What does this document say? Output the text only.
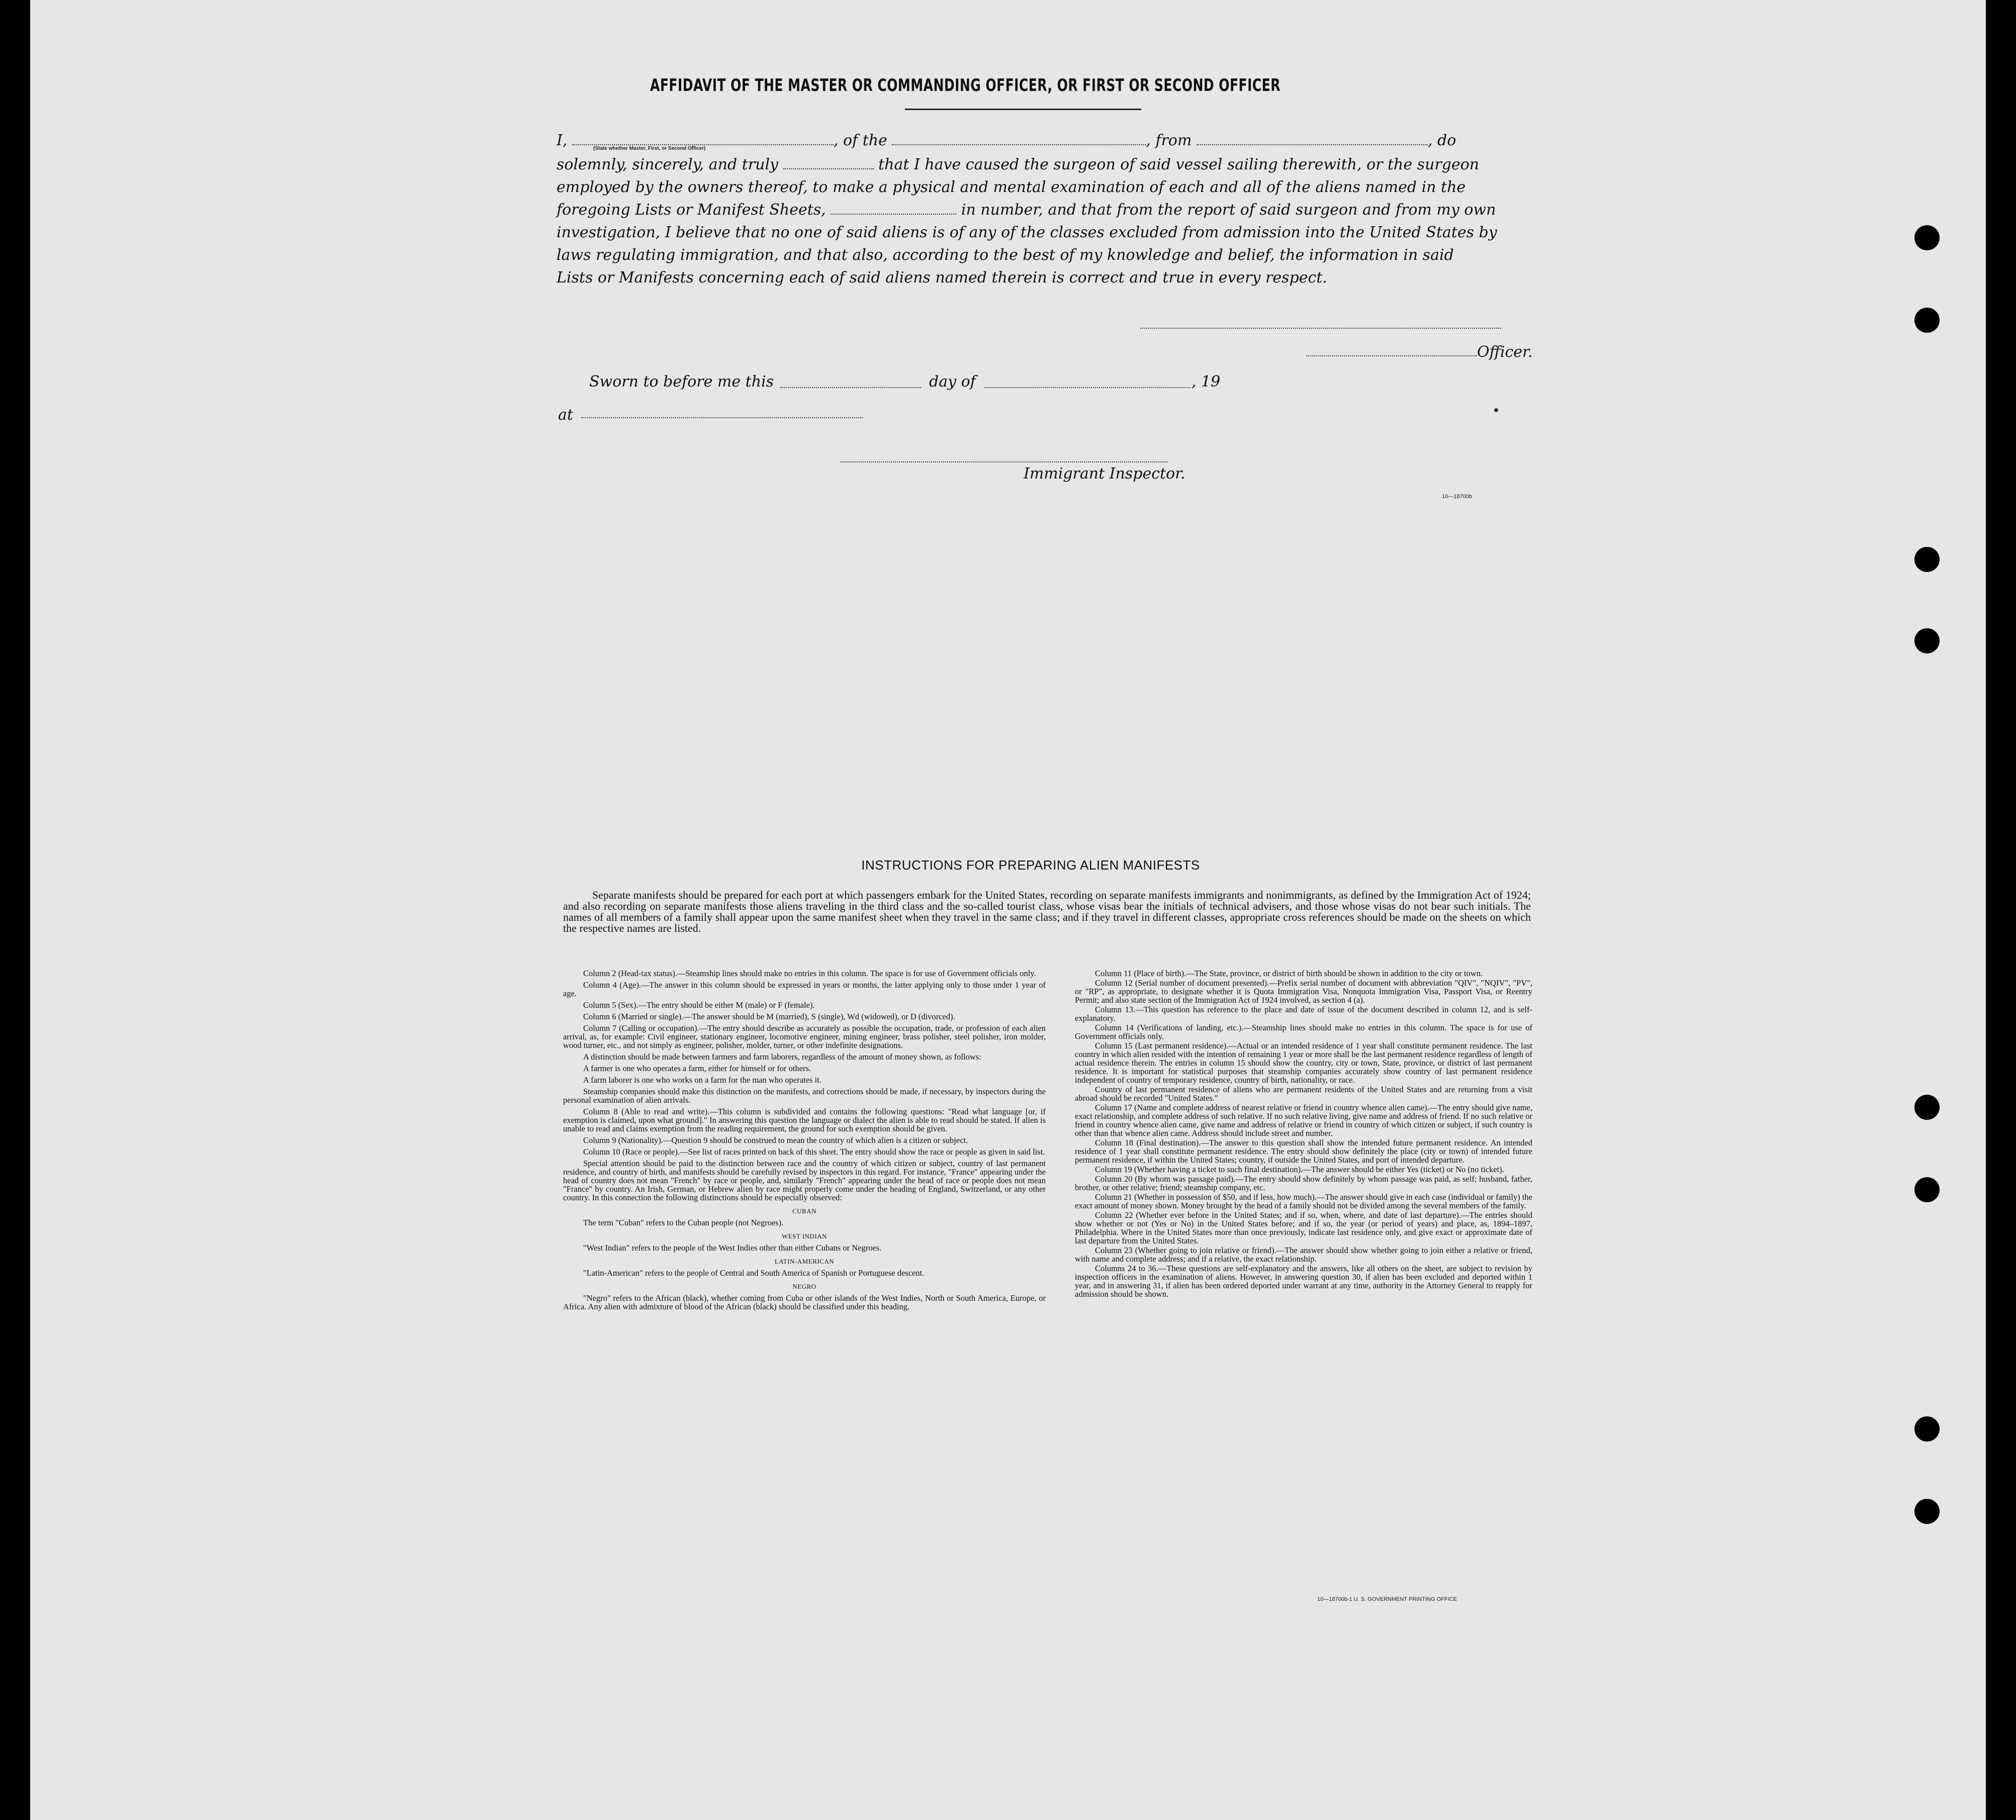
AFFIDAVIT OF THE MASTER OR COMMANDING OFFICER, OR FIRST OR SECOND OFFICER
I,	, of the	, from	, do
(State whether Master, First, or Second Officer)
solemnly, sincerely, and truly	that I have caused the surgeon of said vessel sailing therewith, or the surgeon
employed by the owners thereof, to make a physical and mental examination of each and all of the aliens named in the
foregoing Lists or Manifest Sheets,	in number, and that from the report of said surgeon and from my own
investigation, I believe that no one of said aliens is of any of the classes excluded from admission into the United States by
laws regulating immigration, and that also, according to the best of my knowledge and belief, the information in said
Lists or Manifests concerning each of said aliens named therein is correct and true in every respect.
Officer.
Sworn to before me this	day of	, 19
at
Immigrant Inspector.
10—18700b
INSTRUCTIONS FOR PREPARING ALIEN MANIFESTS
Separate manifests should be prepared for each port at which passengers embark for the United States, recording on separate manifests immigrants and nonimmigrants, as defined by the Immigration Act of 1924; and also recording on separate manifests those aliens traveling in the third class and the so-called tourist class, whose visas bear the initials of technical advisers, and those whose visas do not bear such initials. The names of all members of a family shall appear upon the same manifest sheet when they travel in the same class; and if they travel in different classes, appropriate cross references should be made on the sheets on which the respective names are listed.

Column 2 (Head-tax status).—Steamship lines should make no entries in this column. The space is for use of Government officials only.

Column 4 (Age).—The answer in this column should be expressed in years or months, the latter applying only to those under 1 year of age.

Column 5 (Sex).—The entry should be either M (male) or F (female).

Column 6 (Married or single).—The answer should be M (married), S (single), Wd (widowed), or D (divorced).

Column 7 (Calling or occupation).—The entry should describe as accurately as possible the occupation, trade, or profession of each alien arrival, as, for example: Civil engineer, stationary engineer, locomotive engineer, mining engineer, brass polisher, steel polisher, iron molder, wood turner, etc., and not simply as engineer, polisher, molder, turner, or other indefinite designations.

A distinction should be made between farmers and farm laborers, regardless of the amount of money shown, as follows:

A farmer is one who operates a farm, either for himself or for others.

A farm laborer is one who works on a farm for the man who operates it.

Steamship companies should make this distinction on the manifests, and corrections should be made, if necessary, by inspectors during the personal examination of alien arrivals.

Column 8 (Able to read and write).—This column is subdivided and contains the following questions: "Read what language [or, if exemption is claimed, upon what ground]." In answering this question the language or dialect the alien is able to read should be stated. If alien is unable to read and claims exemption from the reading requirement, the ground for such exemption should be given.

Column 9 (Nationality).—Question 9 should be construed to mean the country of which alien is a citizen or subject.

Column 10 (Race or people).—See list of races printed on back of this sheet. The entry should show the race or people as given in said list.

Special attention should be paid to the distinction between race and the country of which citizen or subject, country of last permanent residence, and country of birth, and manifests should be carefully revised by inspectors in this regard. For instance, "France" appearing under the head of country does not mean "French" by race or people, and, similarly "French" appearing under the head of race or people does not mean "France" by country. An Irish, German, or Hebrew alien by race might properly come under the heading of England, Switzerland, or any other country. In this connection the following distinctions should be especially observed:

CUBAN

The term "Cuban" refers to the Cuban people (not Negroes).

WEST INDIAN

"West Indian" refers to the people of the West Indies other than either Cubans or Negroes.

LATIN-AMERICAN

"Latin-American" refers to the people of Central and South America of Spanish or Portuguese descent.

NEGRO

"Negro" refers to the African (black), whether coming from Cuba or other islands of the West Indies, North or South America, Europe, or Africa. Any alien with admixture of blood of the African (black) should be classified under this heading.

Column 11 (Place of birth).—The State, province, or district of birth should be shown in addition to the city or town.

Column 12 (Serial number of document presented).—Prefix serial number of document with abbreviation "QIV", "NQIV", "PV", or "RP", as appropriate, to designate whether it is Quota Immigration Visa, Nonquota Immigration Visa, Passport Visa, or Reentry Permit; and also state section of the Immigration Act of 1924 involved, as section 4 (a).

Column 13.—This question has reference to the place and date of issue of the document described in column 12, and is self-explanatory.

Column 14 (Verifications of landing, etc.).—Steamship lines should make no entries in this column. The space is for use of Government officials only.

Column 15 (Last permanent residence).—Actual or an intended residence of 1 year shall constitute permanent residence. The last country in which alien resided with the intention of remaining 1 year or more shall be the last permanent residence regardless of length of actual residence therein. The entries in column 15 should show the country, city or town, State, province, or district of last permanent residence. It is important for statistical purposes that steamship companies accurately show country of last permanent residence independent of country of temporary residence, country of birth, nationality, or race.

Country of last permanent residence of aliens who are permanent residents of the United States and are returning from a visit abroad should be recorded "United States."

Column 17 (Name and complete address of nearest relative or friend in country whence alien came).—The entry should give name, exact relationship, and complete address of such relative. If no such relative living, give name and address of friend. If no such relative or friend in country whence alien came, give name and address of relative or friend in country of which citizen or subject, if such country is other than that whence alien came. Address should include street and number.

Column 18 (Final destination).—The answer to this question shall show the intended future permanent residence. An intended residence of 1 year shall constitute permanent residence. The entry should show definitely the place (city or town) of intended future permanent residence, if within the United States; country, if outside the United States, and port of intended departure.

Column 19 (Whether having a ticket to such final destination).—The answer should be either Yes (ticket) or No (no ticket).

Column 20 (By whom was passage paid).—The entry should show definitely by whom passage was paid, as self; husband, father, brother, or other relative; friend; steamship company, etc.

Column 21 (Whether in possession of $50, and if less, how much).—The answer should give in each case (individual or family) the exact amount of money shown. Money brought by the head of a family should not be divided among the several members of the family.

Column 22 (Whether ever before in the United States; and if so, when, where, and date of last departure).—The entries should show whether or not (Yes or No) in the United States before; and if so, the year (or period of years) and place, as, 1894–1897, Philadelphia. Where in the United States more than once previously, indicate last residence only, and give exact or approximate date of last departure from the United States.

Column 23 (Whether going to join relative or friend).—The answer should show whether going to join either a relative or friend, with name and complete address; and if a relative, the exact relationship.

Columns 24 to 36.—These questions are self-explanatory and the answers, like all others on the sheet, are subject to revision by inspection officers in the examination of aliens. However, in answering question 30, if alien has been excluded and deported within 1 year, and in answering 31, if alien has been ordered deported under warrant at any time, authority in the Attorney General to reapply for admission should be shown.

10—18700b-1 U. S. GOVERNMENT PRINTING OFFICE
